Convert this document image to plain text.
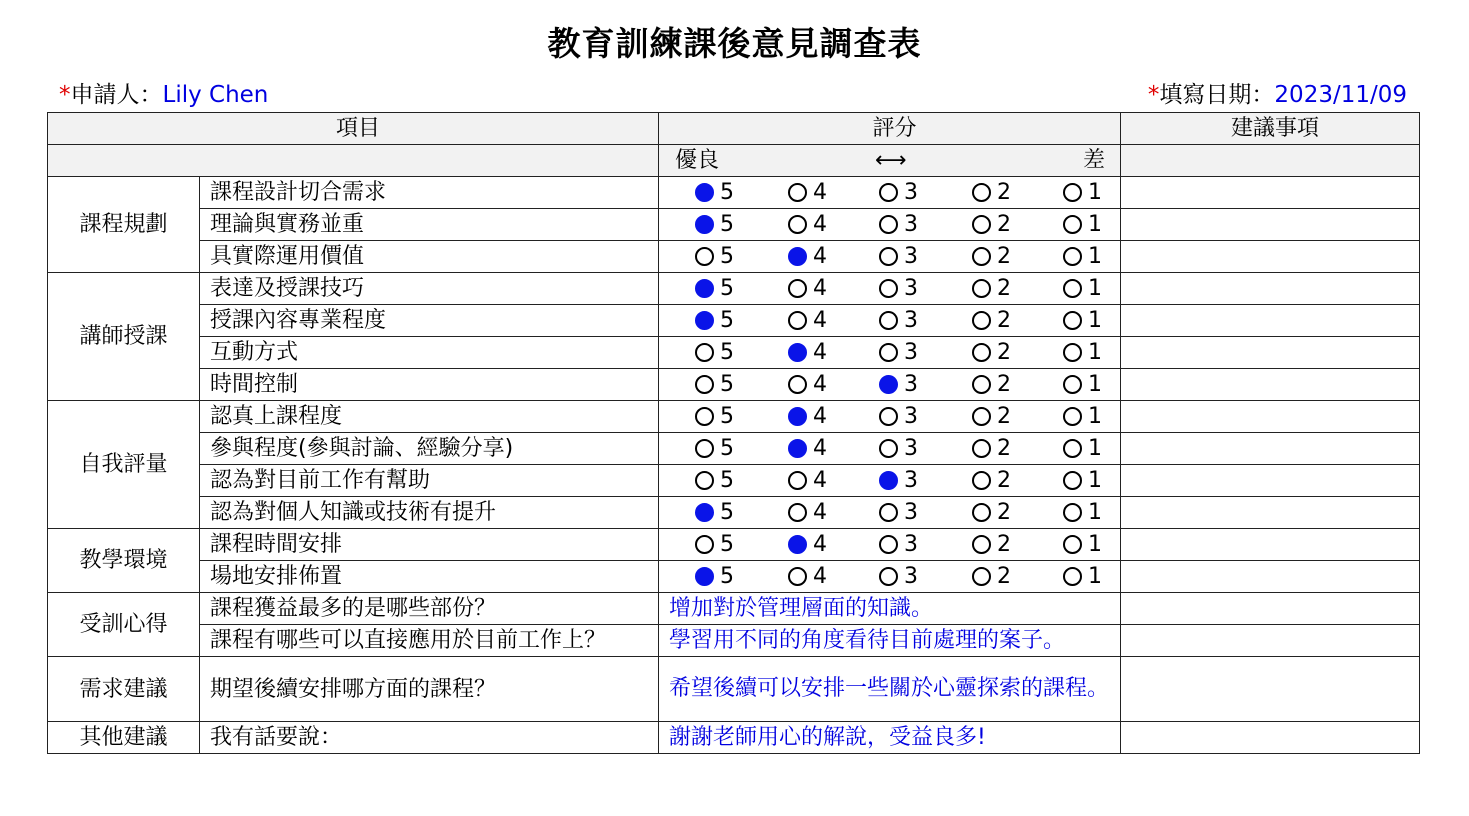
教育訓練課後意見調查表
*申請人：Lily Chen	*填寫日期：2023/11/09
項目		評分	建議事項

		優良 ⟷ 差	

課程規劃	課程設計切合需求	5 4 3 2 1	

	理論與實務並重	5 4 3 2 1	

	具實際運用價值	5 4 3 2 1	

講師授課	表達及授課技巧	5 4 3 2 1	

	授課內容專業程度	5 4 3 2 1	

	互動方式	5 4 3 2 1	

	時間控制	5 4 3 2 1	

自我評量	認真上課程度	5 4 3 2 1	

	參與程度(參與討論、經驗分享)	5 4 3 2 1	

	認為對目前工作有幫助	5 4 3 2 1	

	認為對個人知識或技術有提升	5 4 3 2 1	

教學環境	課程時間安排	5 4 3 2 1	

	場地安排佈置	5 4 3 2 1	

受訓心得	課程獲益最多的是哪些部份？	增加對於管理層面的知識。	

	課程有哪些可以直接應用於目前工作上？	學習用不同的角度看待目前處理的案子。	

需求建議	期望後續安排哪方面的課程？	希望後續可以安排一些關於心靈探索的課程。	

其他建議	我有話要說：	謝謝老師用心的解說，受益良多!	
